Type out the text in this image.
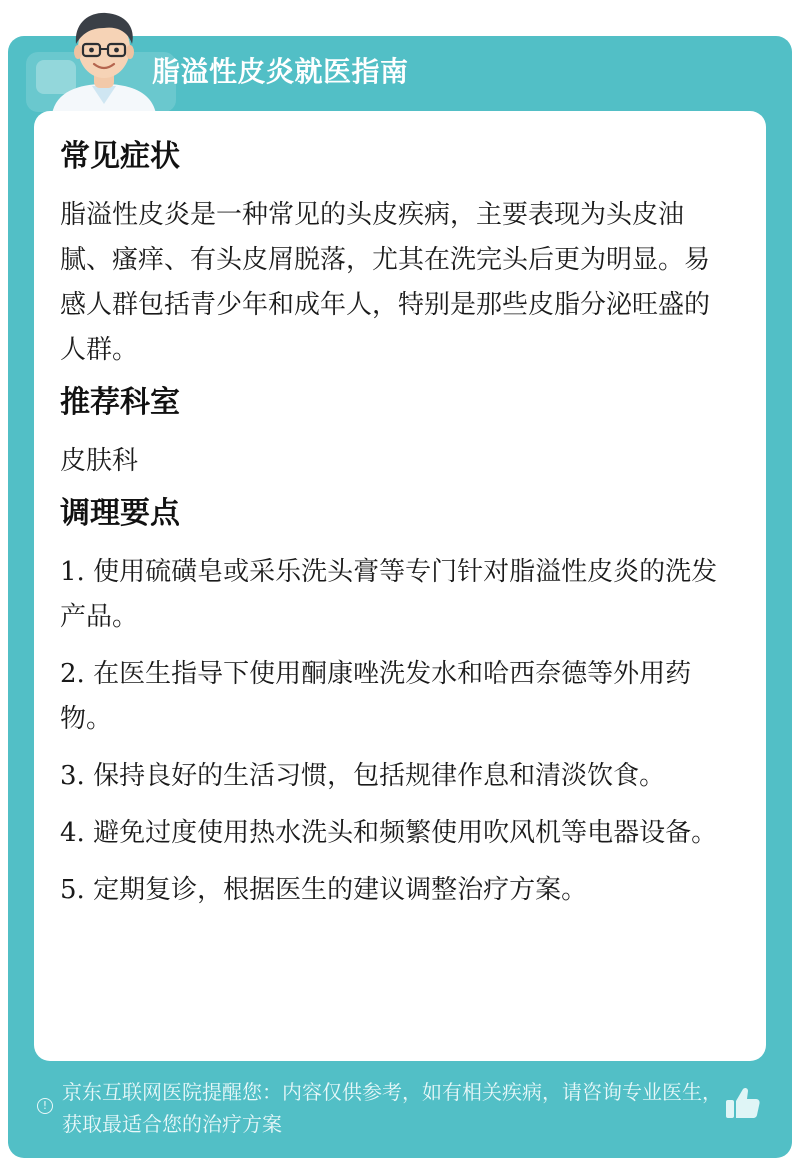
脂溢性皮炎就医指南
常见症状
脂溢性皮炎是一种常见的头皮疾病，主要表现为头皮油腻、瘙痒、有头皮屑脱落，尤其在洗完头后更为明显。易感人群包括青少年和成年人，特别是那些皮脂分泌旺盛的人群。
推荐科室
皮肤科
调理要点
1. 使用硫磺皂或采乐洗头膏等专门针对脂溢性皮炎的洗发产品。
2. 在医生指导下使用酮康唑洗发水和哈西奈德等外用药物。
3. 保持良好的生活习惯，包括规律作息和清淡饮食。
4. 避免过度使用热水洗头和频繁使用吹风机等电器设备。
5. 定期复诊，根据医生的建议调整治疗方案。
!
京东互联网医院提醒您：内容仅供参考，如有相关疾病，请咨询专业医生，获取最适合您的治疗方案
